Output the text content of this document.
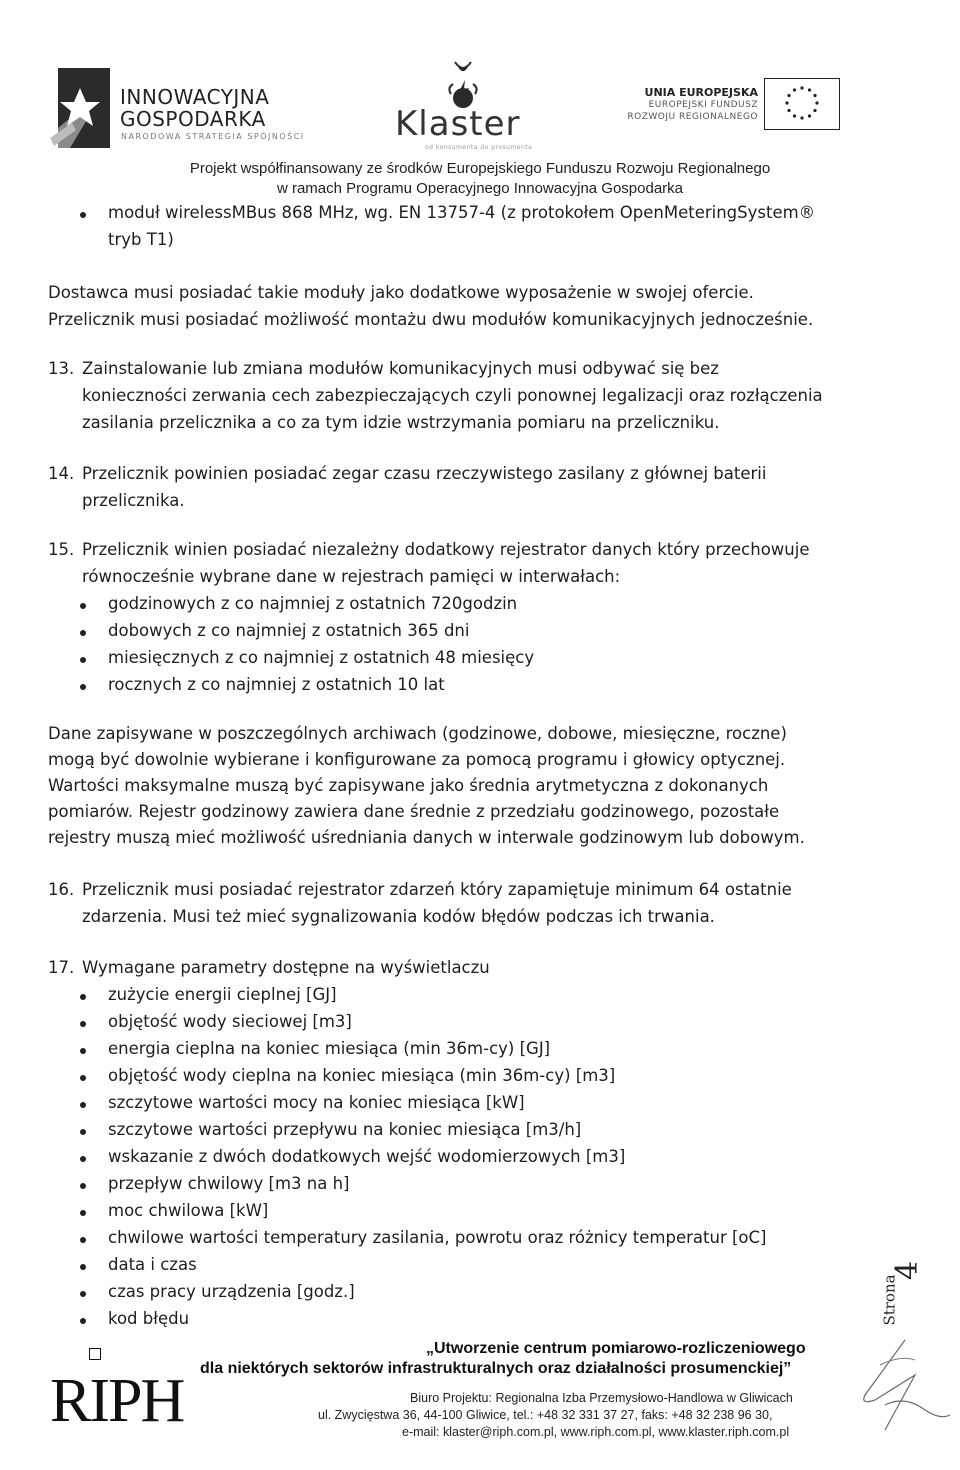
INNOWACYJNA
GOSPODARKA
NARODOWA STRATEGIA SPÓJNOŚCI	Klaster
od konsumenta do prosumenta
UNIA EUROPEJSKA
EUROPEJSKI FUNDUSZ
ROZWOJU REGIONALNEGO
Projekt współfinansowany ze środków Europejskiego Funduszu Rozwoju Regionalnego
w ramach Programu Operacyjnego Innowacyjna Gospodarka
moduł wirelessMBus 868 MHz, wg. EN 13757-4 (z protokołem OpenMeteringSystem®
tryb T1)
Dostawca musi posiadać takie moduły jako dodatkowe wyposażenie w swojej ofercie.
Przelicznik musi posiadać możliwość montażu dwu modułów komunikacyjnych jednocześnie.
13. Zainstalowanie lub zmiana modułów komunikacyjnych musi odbywać się bez
konieczności zerwania cech zabezpieczających czyli ponownej legalizacji oraz rozłączenia
zasilania przelicznika a co za tym idzie wstrzymania pomiaru na przeliczniku.
14. Przelicznik powinien posiadać zegar czasu rzeczywistego zasilany z głównej baterii
przelicznika.
15. Przelicznik winien posiadać niezależny dodatkowy rejestrator danych który przechowuje
równocześnie wybrane dane w rejestrach pamięci w interwałach:
godzinowych z co najmniej z ostatnich 720godzin
dobowych z co najmniej z ostatnich 365 dni
miesięcznych z co najmniej z ostatnich 48 miesięcy
rocznych z co najmniej z ostatnich 10 lat
Dane zapisywane w poszczególnych archiwach (godzinowe, dobowe, miesięczne, roczne)
mogą być dowolnie wybierane i konfigurowane za pomocą programu i głowicy optycznej.
Wartości maksymalne muszą być zapisywane jako średnia arytmetyczna z dokonanych
pomiarów. Rejestr godzinowy zawiera dane średnie z przedziału godzinowego, pozostałe
rejestry muszą mieć możliwość uśredniania danych w interwale godzinowym lub dobowym.
16. Przelicznik musi posiadać rejestrator zdarzeń który zapamiętuje minimum 64 ostatnie
zdarzenia. Musi też mieć sygnalizowania kodów błędów podczas ich trwania.
17. Wymagane parametry dostępne na wyświetlaczu
zużycie energii cieplnej [GJ]
objętość wody sieciowej [m3]
energia cieplna na koniec miesiąca (min 36m-cy) [GJ]
objętość wody cieplna na koniec miesiąca (min 36m-cy) [m3]
szczytowe wartości mocy na koniec miesiąca [kW]
szczytowe wartości przepływu na koniec miesiąca [m3/h]
wskazanie z dwóch dodatkowych wejść wodomierzowych [m3]
przepływ chwilowy [m3 na h]
moc chwilowa [kW]
chwilowe wartości temperatury zasilania, powrotu oraz różnicy temperatur [oC]
data i czas
czas pracy urządzenia [godz.]
kod błędu
RIPH
„Utworzenie centrum pomiarowo-rozliczeniowego
dla niektórych sektorów infrastrukturalnych oraz działalności prosumenckiej”
Biuro Projektu: Regionalna Izba Przemysłowo-Handlowa w Gliwicach
ul. Zwycięstwa 36, 44-100 Gliwice, tel.: +48 32 331 37 27, faks: +48 32 238 96 30,
e-mail: klaster@riph.com.pl, www.riph.com.pl, www.klaster.riph.com.pl
4
Strona
